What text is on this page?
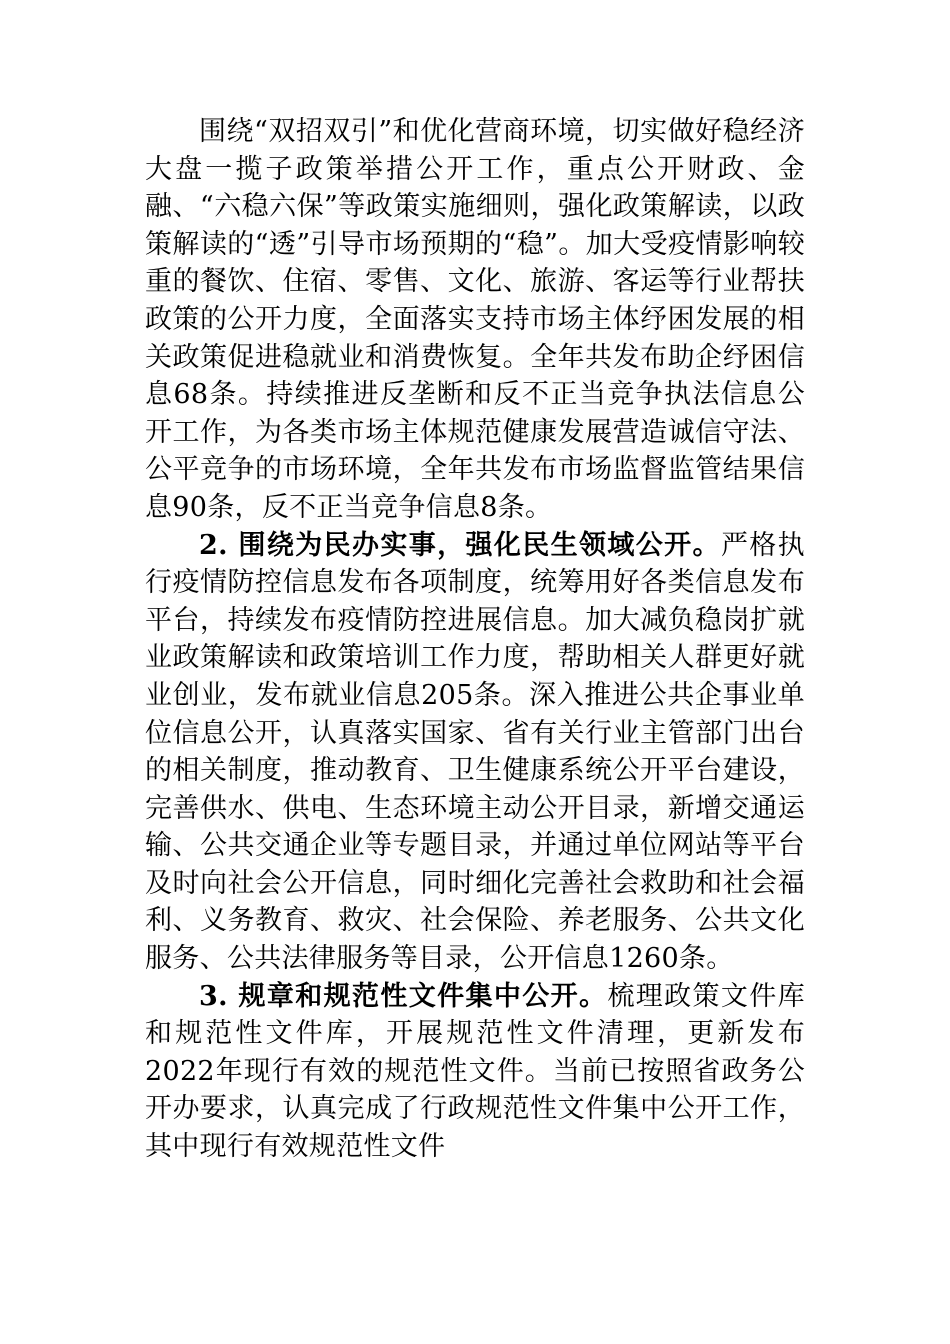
围绕“双招双引”和优化营商环境，切实做好稳经济大盘一揽子政策举措公开工作，重点公开财政、金融、“六稳六保”等政策实施细则，强化政策解读，以政策解读的“透”引导市场预期的“稳”。加大受疫情影响较重的餐饮、住宿、零售、文化、旅游、客运等行业帮扶政策的公开力度，全面落实支持市场主体纾困发展的相关政策促进稳就业和消费恢复。全年共发布助企纾困信息68条。持续推进反垄断和反不正当竞争执法信息公开工作，为各类市场主体规范健康发展营造诚信守法、公平竞争的市场环境，全年共发布市场监督监管结果信息90条，反不正当竞争信息8条。

2. 围绕为民办实事，强化民生领域公开。严格执行疫情防控信息发布各项制度，统筹用好各类信息发布平台，持续发布疫情防控进展信息。加大减负稳岗扩就业政策解读和政策培训工作力度，帮助相关人群更好就业创业，发布就业信息205条。深入推进公共企事业单位信息公开，认真落实国家、省有关行业主管部门出台的相关制度，推动教育、卫生健康系统公开平台建设，完善供水、供电、生态环境主动公开目录，新增交通运输、公共交通企业等专题目录，并通过单位网站等平台及时向社会公开信息，同时细化完善社会救助和社会福利、义务教育、救灾、社会保险、养老服务、公共文化服务、公共法律服务等目录，公开信息1260条。

3. 规章和规范性文件集中公开。梳理政策文件库和规范性文件库，开展规范性文件清理，更新发布2022年现行有效的规范性文件。当前已按照省政务公开办要求，认真完成了行政规范性文件集中公开工作，其中现行有效规范性文件
